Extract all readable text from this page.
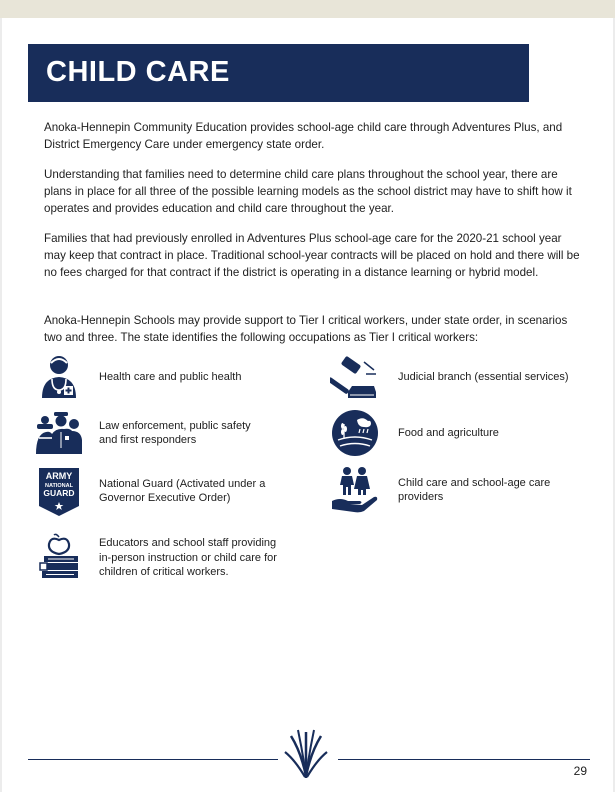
CHILD CARE

Anoka-Hennepin Community Education provides school-age child care through Adventures Plus, and District Emergency Care under emergency state order.

Understanding that families need to determine child care plans throughout the school year, there are plans in place for all three of the possible learning models as the school district may have to shift how it operates and provides education and child care throughout the year.

Families that had previously enrolled in Adventures Plus school-age care for the 2020-21 school year may keep that contract in place. Traditional school-year contracts will be placed on hold and there will be no fees charged for that contract if the district is operating in a distance learning or hybrid model.

Anoka-Hennepin Schools may provide support to Tier I critical workers, under state order, in scenarios two and three. The state identifies the following occupations as Tier I critical workers:

Health care and public health
Law enforcement, public safety and first responders
ARMY
NATIONAL
GUARD
National Guard (Activated under a Governor Executive Order)
Educators and school staff providing in-person instruction or child care for children of critical workers.
Judicial branch (essential services)
Food and agriculture
Child care and school-age care providers
29
